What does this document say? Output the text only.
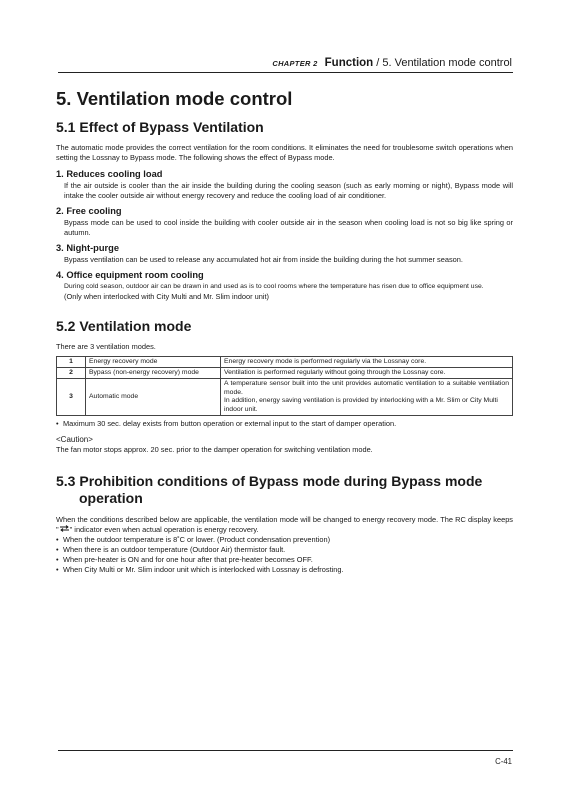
CHAPTER 2 Function / 5. Ventilation mode control
5. Ventilation mode control
5.1 Effect of Bypass Ventilation

The automatic mode provides the correct ventilation for the room conditions. It eliminates the need for troublesome switch operations when setting the Lossnay to Bypass mode. The following shows the effect of Bypass mode.

1. Reduces cooling load

If the air outside is cooler than the air inside the building during the cooling season (such as early morning or night), Bypass mode will intake the cooler outside air without energy recovery and reduce the cooling load of air conditioner.

2. Free cooling

Bypass mode can be used to cool inside the building with cooler outside air in the season when cooling load is not so big like spring or autumn.

3. Night-purge

Bypass ventilation can be used to release any accumulated hot air from inside the building during the hot summer season.

4. Office equipment room cooling

During cold season, outdoor air can be drawn in and used as is to cool rooms where the temperature has risen due to office equipment use.

(Only when interlocked with City Multi and Mr. Slim indoor unit)

5.2 Ventilation mode

There are 3 ventilation modes.

1	Energy recovery mode	Energy recovery mode is performed regularly via the Lossnay core.
2	Bypass (non-energy recovery) mode	Ventilation is performed regularly without going through the Lossnay core.
3	Automatic mode	A temperature sensor built into the unit provides automatic ventilation to a suitable ventilation mode.
In addition, energy saving ventilation is provided by interlocking with a Mr. Slim or City Multi indoor unit.
• Maximum 30 sec. delay exists from button operation or external input to the start of damper operation.
<Caution>

The fan motor stops approx. 20 sec. prior to the damper operation for switching ventilation mode.

5.3 Prohibition conditions of Bypass mode during Bypass mode
operation

When the conditions described below are applicable, the ventilation mode will be changed to energy recovery mode. The RC display keeps " " indicator even when actual operation is energy recovery.

• When the outdoor temperature is 8˚C or lower. (Product condensation prevention)
• When there is an outdoor temperature (Outdoor Air) thermistor fault.
• When pre-heater is ON and for one hour after that pre-heater becomes OFF.
• When City Multi or Mr. Slim indoor unit which is interlocked with Lossnay is defrosting.
C-41
